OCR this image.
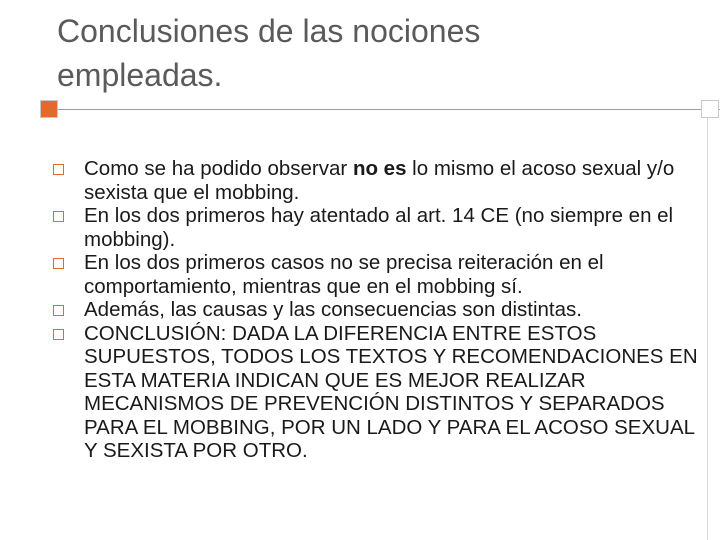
Conclusiones de las nociones
empleadas.
Como se ha podido observar no es lo mismo el acoso sexual y/o sexista que el mobbing.
En los dos primeros hay atentado al art. 14 CE (no siempre en el mobbing).
En los dos primeros casos no se precisa reiteración en el comportamiento, mientras que en el mobbing sí.
Además, las causas y las consecuencias son distintas.
CONCLUSIÓN: DADA LA DIFERENCIA ENTRE ESTOS SUPUESTOS, TODOS LOS TEXTOS Y RECOMENDACIONES EN ESTA MATERIA INDICAN QUE ES MEJOR REALIZAR MECANISMOS DE PREVENCIÓN DISTINTOS Y SEPARADOS PARA EL MOBBING, POR UN LADO Y PARA EL ACOSO SEXUAL Y SEXISTA POR OTRO.
